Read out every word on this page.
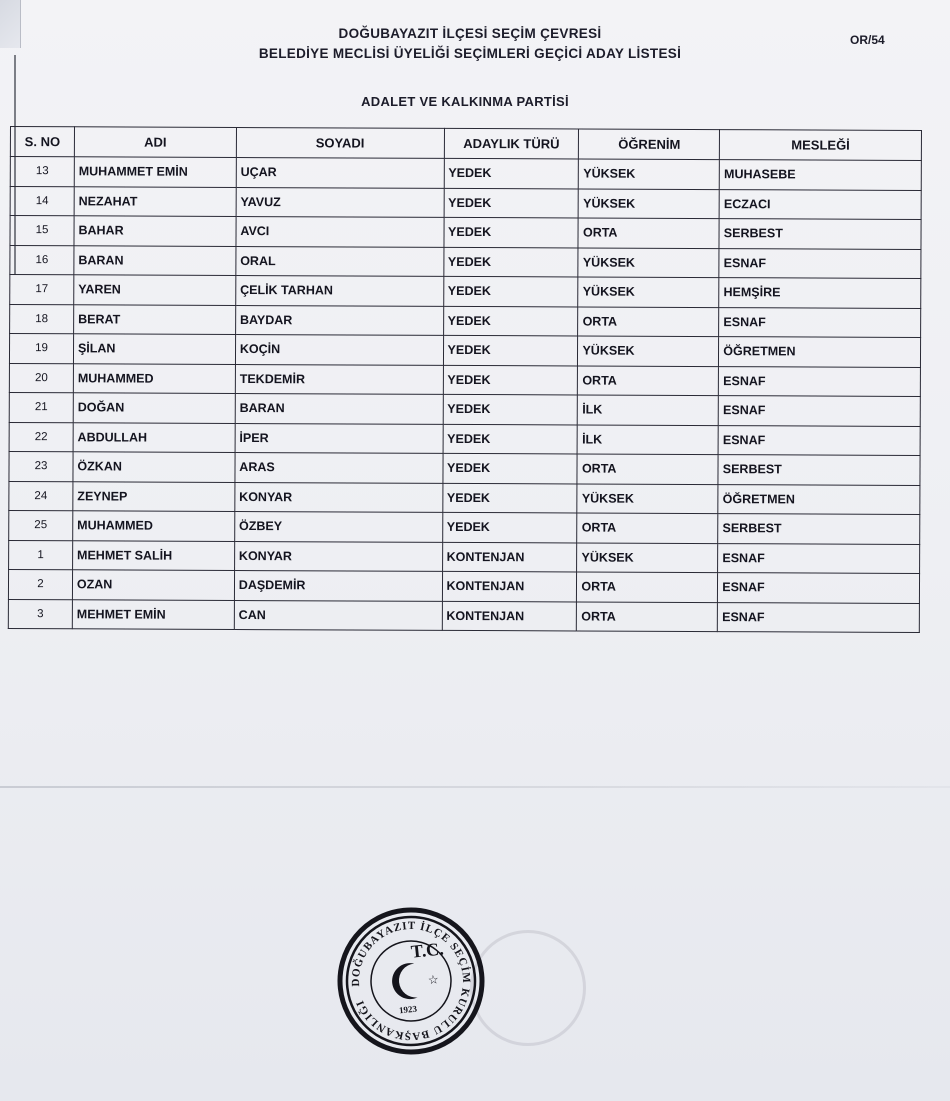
DOĞUBAYAZIT İLÇESİ SEÇİM ÇEVRESİ
BELEDİYE MECLİSİ ÜYELİĞİ SEÇİMLERİ GEÇİCİ ADAY LİSTESİ
OR/54
ADALET VE KALKINMA PARTİSİ
S. NO	ADI	SOYADI	ADAYLIK TÜRÜ	ÖĞRENİM	MESLEĞİ
13	MUHAMMET EMİN	UÇAR	YEDEK	YÜKSEK	MUHASEBE
14	NEZAHAT	YAVUZ	YEDEK	YÜKSEK	ECZACI
15	BAHAR	AVCI	YEDEK	ORTA	SERBEST
16	BARAN	ORAL	YEDEK	YÜKSEK	ESNAF
17	YAREN	ÇELİK TARHAN	YEDEK	YÜKSEK	HEMŞİRE
18	BERAT	BAYDAR	YEDEK	ORTA	ESNAF
19	ŞİLAN	KOÇİN	YEDEK	YÜKSEK	ÖĞRETMEN
20	MUHAMMED	TEKDEMİR	YEDEK	ORTA	ESNAF
21	DOĞAN	BARAN	YEDEK	İLK	ESNAF
22	ABDULLAH	İPER	YEDEK	İLK	ESNAF
23	ÖZKAN	ARAS	YEDEK	ORTA	SERBEST
24	ZEYNEP	KONYAR	YEDEK	YÜKSEK	ÖĞRETMEN
25	MUHAMMED	ÖZBEY	YEDEK	ORTA	SERBEST
1	MEHMET SALİH	KONYAR	KONTENJAN	YÜKSEK	ESNAF
2	OZAN	DAŞDEMİR	KONTENJAN	ORTA	ESNAF
3	MEHMET EMİN	CAN	KONTENJAN	ORTA	ESNAF
DOĞUBAYAZIT İLÇE SEÇİM KURULU BAŞKANLIĞI
☆
1923
T.C.
